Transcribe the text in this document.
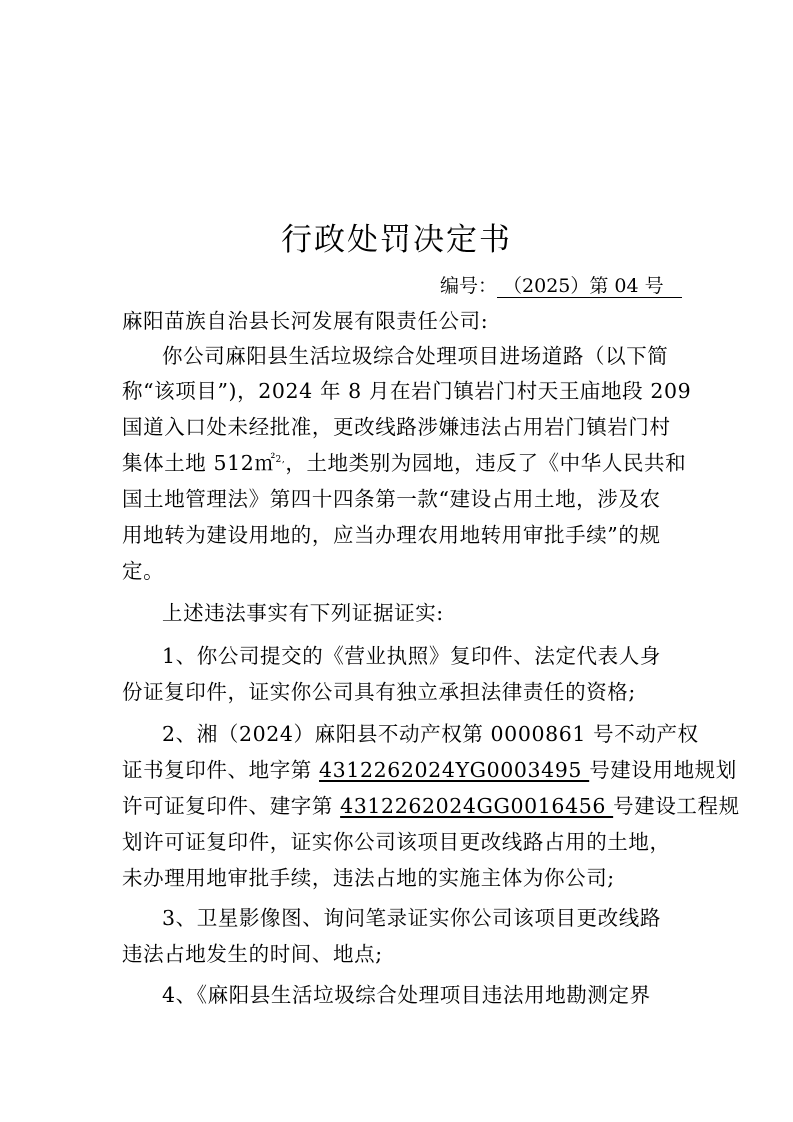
行政处罚决定书
编号： （2025）第 04 号
麻阳苗族自治县长河发展有限责任公司:
你公司麻阳县生活垃圾综合处理项目进场道路（以下简
称“该项目”)，2024 年 8 月在岩门镇岩门村天王庙地段 209
国道入口处未经批准，更改线路涉嫌违法占用岩门镇岩门村
集体土地 512㎡$^{2,}$，土地类别为园地，违反了《中华人民共和
国土地管理法》第四十四条第一款“建设占用土地，涉及农
用地转为建设用地的，应当办理农用地转用审批手续”的规
定。
上述违法事实有下列证据证实:
1、你公司提交的《营业执照》复印件、法定代表人身
份证复印件，证实你公司具有独立承担法律责任的资格;
2、湘（2024）麻阳县不动产权第 0000861 号不动产权
证书复印件、地字第 4312262024YG0003495 号建设用地规划
许可证复印件、建字第 4312262024GG0016456 号建设工程规
划许可证复印件，证实你公司该项目更改线路占用的土地，
未办理用地审批手续，违法占地的实施主体为你公司;
3、卫星影像图、询问笔录证实你公司该项目更改线路
违法占地发生的时间、地点;
4、《麻阳县生活垃圾综合处理项目违法用地勘测定界
